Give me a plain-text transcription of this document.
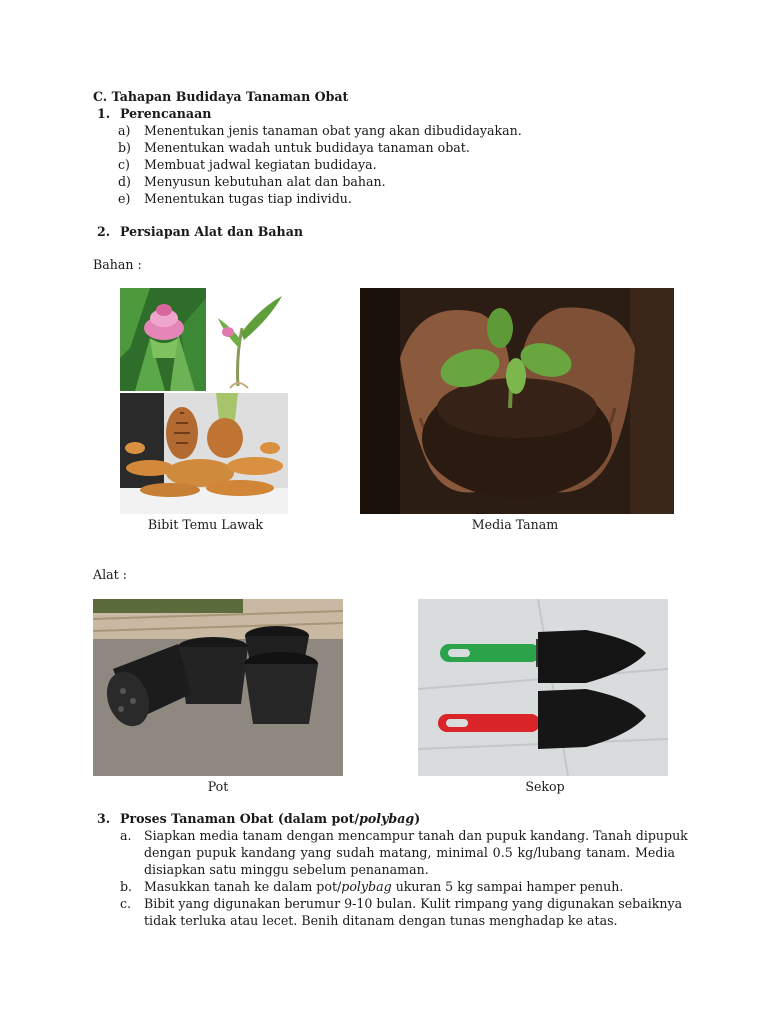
C. Tahapan Budidaya Tanaman Obat
1. Perencanaan
a) Menentukan jenis tanaman obat yang akan dibudidayakan.
b) Menentukan wadah untuk budidaya tanaman obat.
c) Membuat jadwal kegiatan budidaya.
d) Menyusun kebutuhan alat dan bahan.
e) Menentukan tugas tiap individu.
2. Persiapan Alat dan Bahan
Bahan :
Bibit Temu Lawak	Media Tanam
Alat :
Pot	Sekop
3. Proses Tanaman Obat (dalam pot/polybag)
a. Siapkan media tanam dengan mencampur tanah dan pupuk kandang. Tanah dipupuk
dengan pupuk kandang yang sudah matang, minimal 0.5 kg/lubang tanam. Media
disiapkan satu minggu sebelum penanaman.
b. Masukkan tanah ke dalam pot/polybag ukuran 5 kg sampai hamper penuh.
c. Bibit yang digunakan berumur 9-10 bulan. Kulit rimpang yang digunakan sebaiknya
tidak terluka atau lecet. Benih ditanam dengan tunas menghadap ke atas.
